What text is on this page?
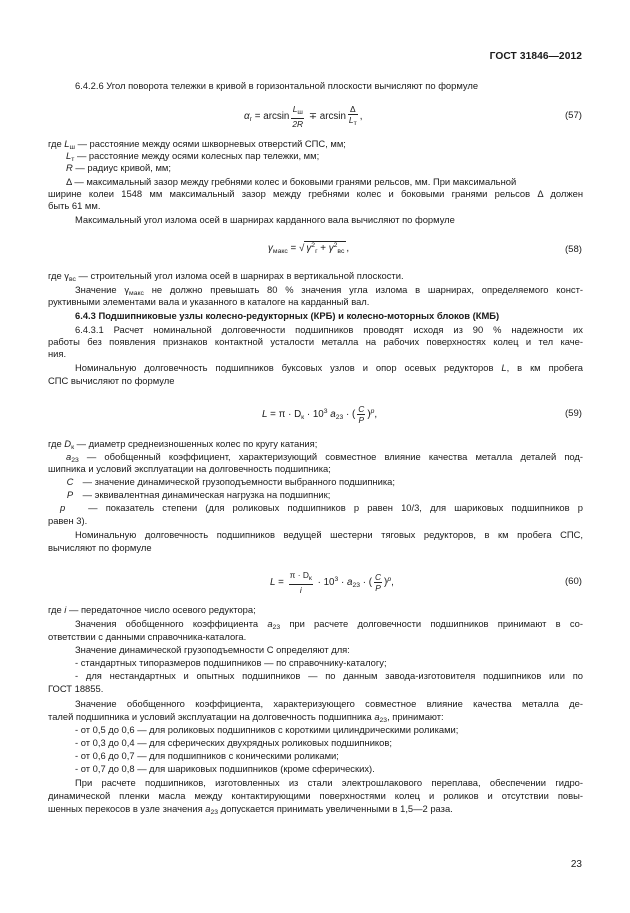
ГОСТ 31846—2012
6.4.2.6 Угол поворота тележки в кривой в горизонтальной плоскости вычисляют по формуле
$\alpha_г = \arcsin \frac{L_ш}{2R} \mp \arcsin \frac{\Delta}{L_т}$ ,	(57)
где $L_ш$ — расстояние между осями шкворневых отверстий СПС, мм;
$L_т$ — расстояние между осями колесных пар тележки, мм;
R — радиус кривой, мм;
Δ — максимальный зазор между гребнями колес и боковыми гранями рельсов, мм. При максимальной
ширине колеи 1548 мм максимальный зазор между гребнями колес и боковыми гранями рельсов Δ должен
быть 61 мм.
Максимальный угол излома осей в шарнирах карданного вала вычисляют по формуле
$\gamma_{макс}$ = √ $\gamma^2_г + \gamma^2_{вс}$ ,	(58)
где $\gamma_{вс}$ — строительный угол излома осей в шарнирах в вертикальной плоскости.
Значение $\gamma_{макс}$ не должно превышать 80 % значения угла излома в шарнирах, определяемого конст-
руктивными элементами вала и указанного в каталоге на карданный вал.
6.4.3 Подшипниковые узлы колесно-редукторных (КРБ) и колесно-моторных блоков (КМБ)
6.4.3.1 Расчет номинальной долговечности подшипников проводят исходя из 90 % надежности их
работы без появления признаков контактной усталости металла на рабочих поверхностях колец и тел каче-
ния.
Номинальную долговечность подшипников буксовых узлов и опор осевых редукторов L, в км пробега
СПС вычисляют по формуле
$L = \pi \cdot D_к \cdot 10^3$ $a_{23}$ · ( $\frac{C}{P} )^p$,	(59)
где $D_к$ — диаметр среднеизношенных колес по кругу катания;
$a_{23}$ — обобщенный коэффициент, характеризующий совместное влияние качества металла деталей под-
шипника и условий эксплуатации на долговечность подшипника;
C — значение динамической грузоподъемности выбранного подшипника;
P — эквивалентная динамическая нагрузка на подшипник;
p — показатель степени (для роликовых подшипников p равен 10/3, для шариковых подшипников p
равен 3).
Номинальную долговечность подшипников ведущей шестерни тяговых редукторов, в км пробега СПС,
вычисляют по формуле
$L = \frac{\pi \cdot D_к}{i} \cdot 10^3 \cdot a_{23}$ · ( $\frac{C}{P} )^p$,	(60)
где i — передаточное число осевого редуктора;
Значения обобщенного коэффициента $a_{23}$ при расчете долговечности подшипников принимают в со-
ответствии с данными справочника-каталога.
Значение динамической грузоподъемности С определяют для:
- стандартных типоразмеров подшипников — по справочнику-каталогу;
- для нестандартных и опытных подшипников — по данным завода-изготовителя подшипников или по
ГОСТ 18855.
Значение обобщенного коэффициента, характеризующего совместное влияние качества металла де-
талей подшипника и условий эксплуатации на долговечность подшипника $a_{23}$, принимают:
- от 0,5 до 0,6 — для роликовых подшипников с короткими цилиндрическими роликами;
- от 0,3 до 0,4 — для сферических двухрядных роликовых подшипников;
- от 0,6 до 0,7 — для подшипников с коническими роликами;
- от 0,7 до 0,8 — для шариковых подшипников (кроме сферических).
При расчете подшипников, изготовленных из стали электрошлакового переплава, обеспечении гидро-
динамической пленки масла между контактирующими поверхностями колец и роликов и отсутствии повы-
шенных перекосов в узле значения $a_{23}$ допускается принимать увеличенными в 1,5—2 раза.
23
